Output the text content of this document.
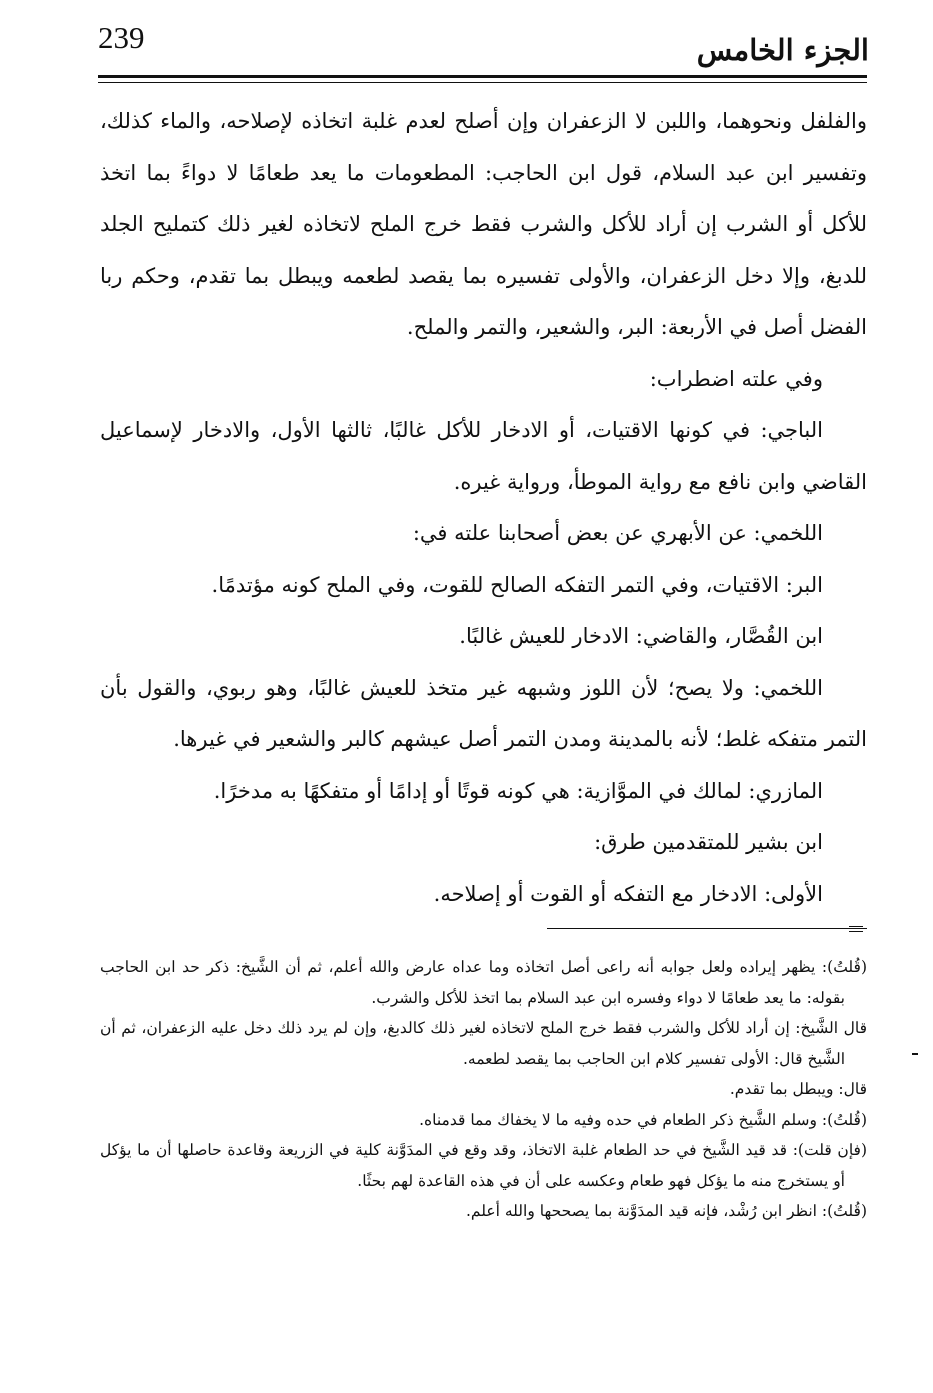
239	الجزء الخامس

والفلفل ونحوهما، واللبن لا الزعفران وإن أصلح لعدم غلبة اتخاذه لإصلاحه، والماء كذلك، وتفسير ابن عبد السلام، قول ابن الحاجب: المطعومات ما يعد طعامًا لا دواءً بما اتخذ للأكل أو الشرب إن أراد للأكل والشرب فقط خرج الملح لاتخاذه لغير ذلك كتمليح الجلد للدبغ، وإلا دخل الزعفران، والأولى تفسيره بما يقصد لطعمه ويبطل بما تقدم، وحكم ربا الفضل أصل في الأربعة: البر، والشعير، والتمر والملح.

وفي علته اضطراب:

الباجي: في كونها الاقتيات، أو الادخار للأكل غالبًا، ثالثها الأول، والادخار لإسماعيل القاضي وابن نافع مع رواية الموطأ، ورواية غيره.

اللخمي: عن الأبهري عن بعض أصحابنا علته في:

البر: الاقتيات، وفي التمر التفكه الصالح للقوت، وفي الملح كونه مؤتدمًا.

ابن القُصَّار، والقاضي: الادخار للعيش غالبًا.

اللخمي: ولا يصح؛ لأن اللوز وشبهه غير متخذ للعيش غالبًا، وهو ربوي، والقول بأن التمر متفكه غلط؛ لأنه بالمدينة ومدن التمر أصل عيشهم كالبر والشعير في غيرها.

المازري: لمالك في الموَّازية: هي كونه قوتًا أو إدامًا أو متفكهًا به مدخرًا.

ابن بشير للمتقدمين طرق:

الأولى: الادخار مع التفكه أو القوت أو إصلاحه.

(قُلتُ): يظهر إيراده ولعل جوابه أنه راعى أصل اتخاذه وما عداه عارض والله أعلم، ثم أن الشَّيخ: ذكر حد ابن الحاجب بقوله: ما يعد طعامًا لا دواء وفسره ابن عبد السلام بما اتخذ للأكل والشرب.

قال الشَّيخ: إن أراد للأكل والشرب فقط خرج الملح لاتخاذه لغير ذلك كالدبغ، وإن لم يرد ذلك دخل عليه الزعفران، ثم أن الشَّيخ قال: الأولى تفسير كلام ابن الحاجب بما يقصد لطعمه.

قال: ويبطل بما تقدم.

(قُلتُ): وسلم الشَّيخ ذكر الطعام في حده وفيه ما لا يخفاك مما قدمناه.

(فإن قلت): قد قيد الشَّيخ في حد الطعام غلبة الاتخاذ، وقد وقع في المدَوَّنة كلية في الزريعة وقاعدة حاصلها أن ما يؤكل أو يستخرج منه ما يؤكل فهو طعام وعكسه على أن في هذه القاعدة لهم بحثًا.

(قُلتُ): انظر ابن رُشْد، فإنه قيد المدَوَّنة بما يصححها والله أعلم.
